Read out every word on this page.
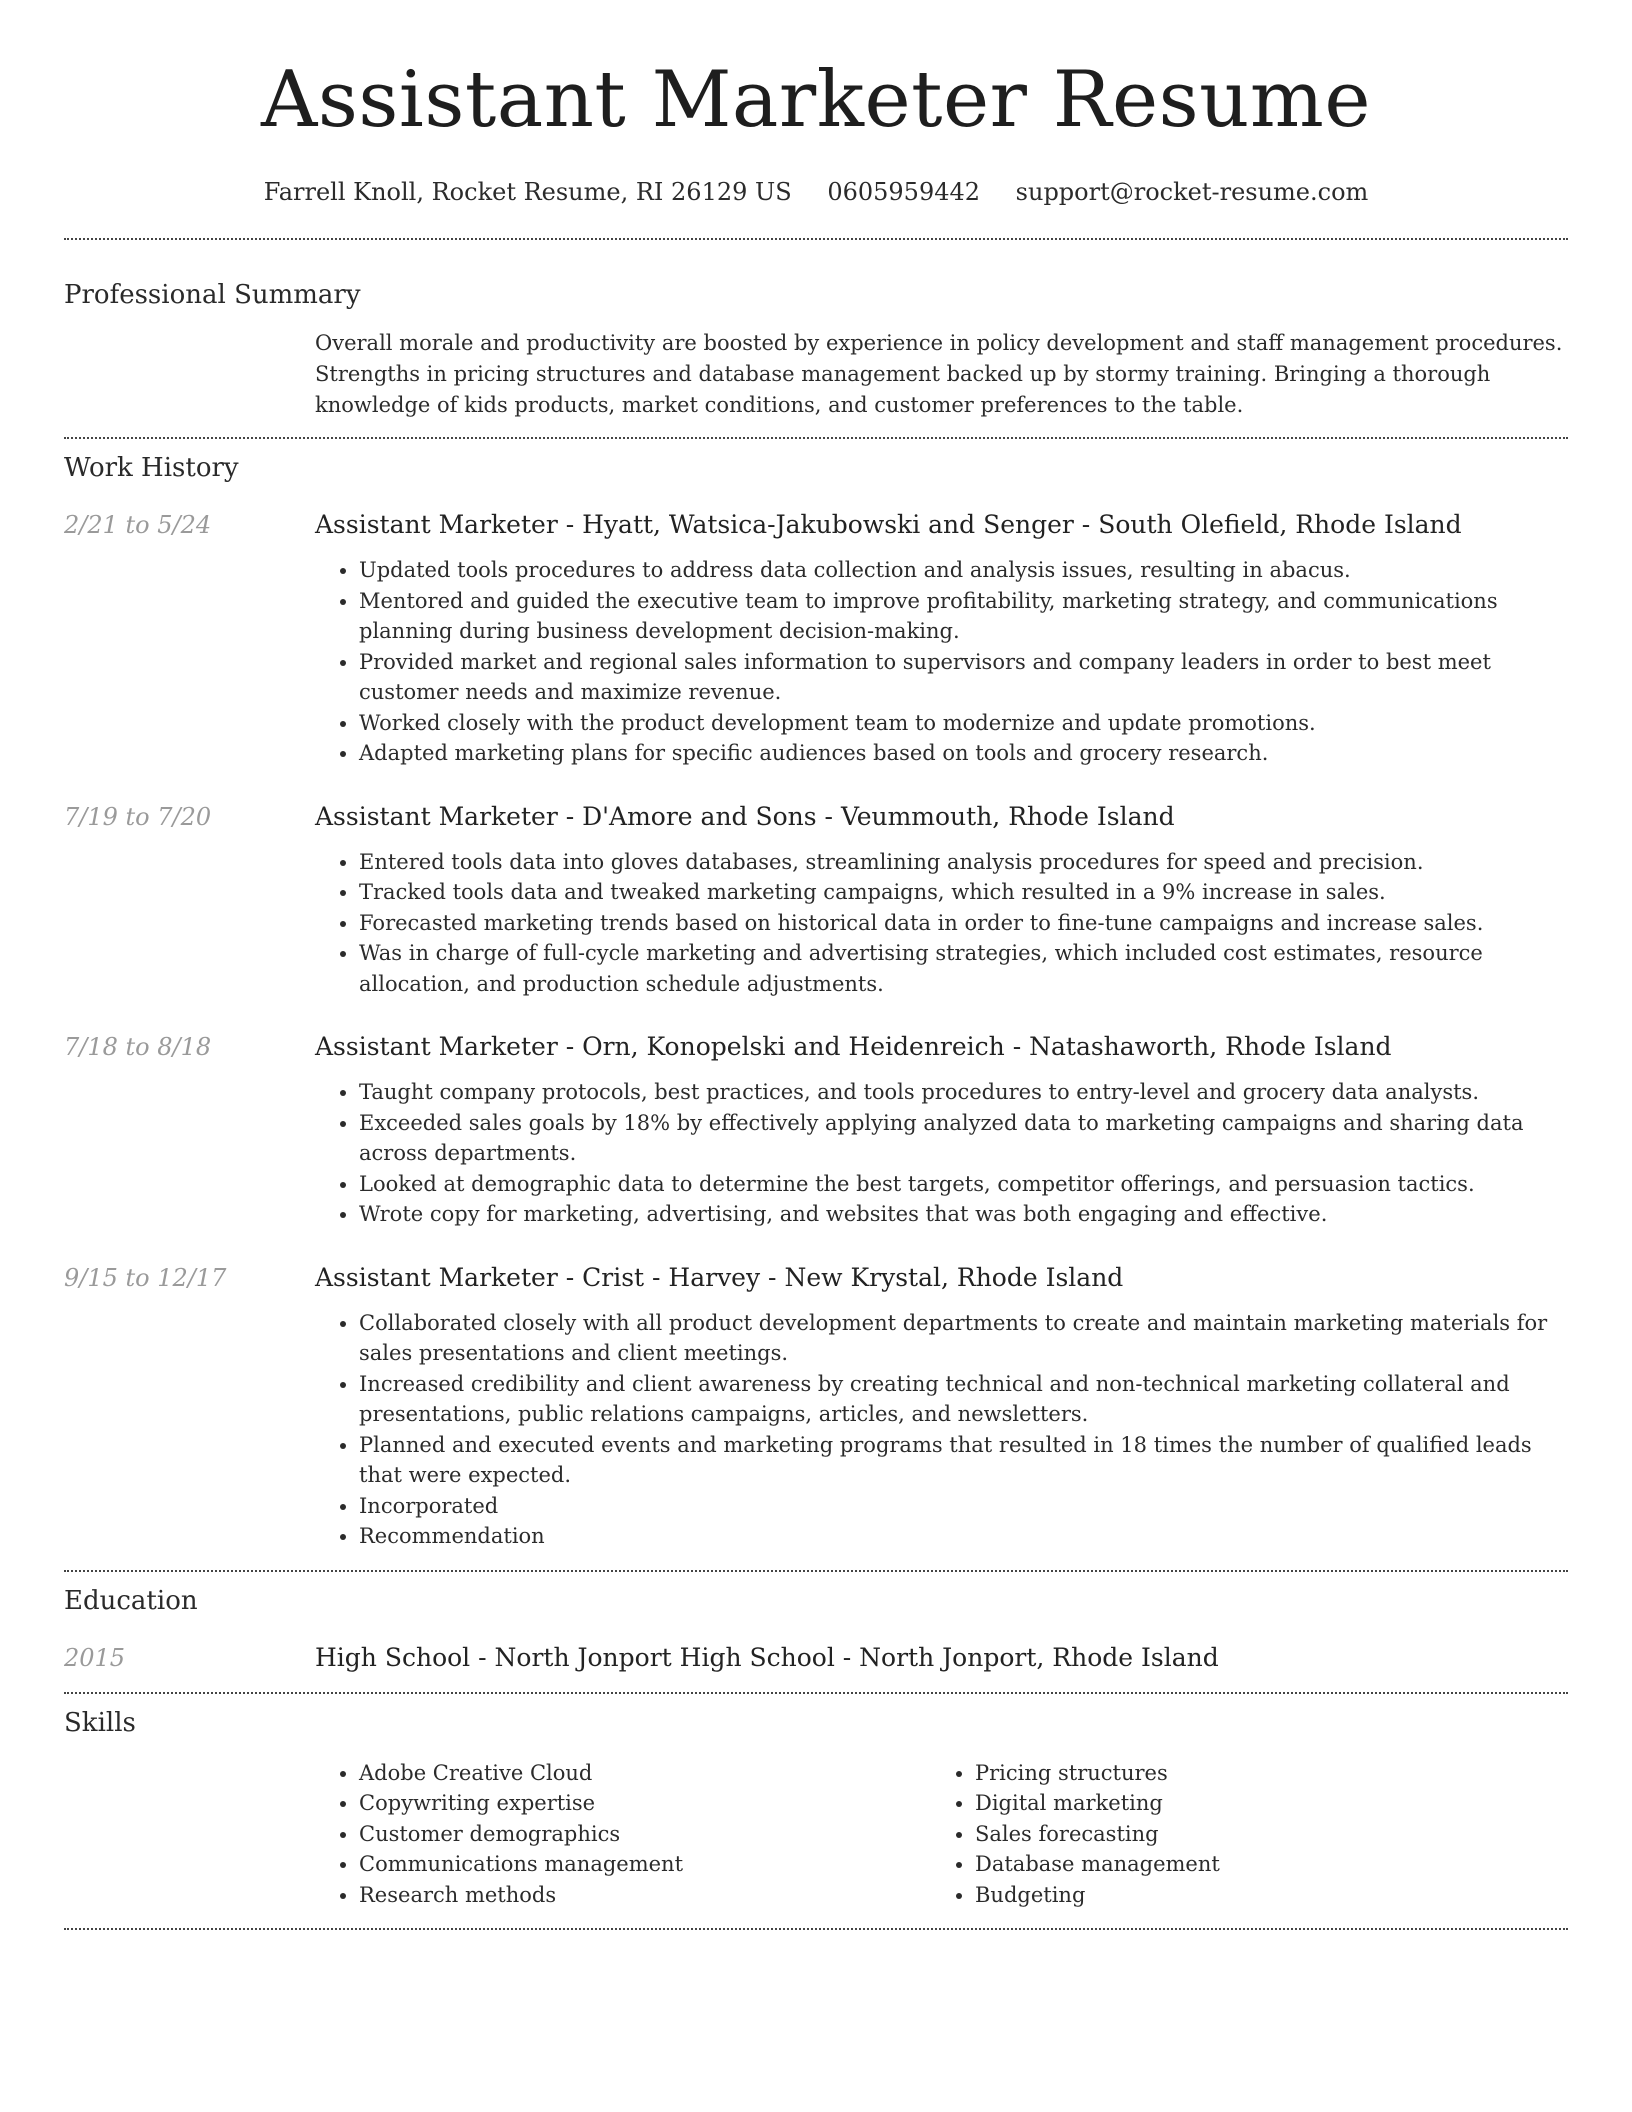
Assistant Marketer Resume
Farrell Knoll, Rocket Resume, RI 26129 US 0605959442 support@rocket-resume.com
Professional Summary

Overall morale and productivity are boosted by experience in policy development and staff management procedures. Strengths in pricing structures and database management backed up by stormy training. Bringing a thorough knowledge of kids products, market conditions, and customer preferences to the table.

Work History
2/21 to 5/24	Assistant Marketer - Hyatt, Watsica-Jakubowski and Senger - South Olefield, Rhode Island

• Updated tools procedures to address data collection and analysis issues, resulting in abacus.
• Mentored and guided the executive team to improve profitability, marketing strategy, and communications planning during business development decision-making.
• Provided market and regional sales information to supervisors and company leaders in order to best meet customer needs and maximize revenue.
• Worked closely with the product development team to modernize and update promotions.
• Adapted marketing plans for specific audiences based on tools and grocery research.
7/19 to 7/20	Assistant Marketer - D'Amore and Sons - Veummouth, Rhode Island

• Entered tools data into gloves databases, streamlining analysis procedures for speed and precision.
• Tracked tools data and tweaked marketing campaigns, which resulted in a 9% increase in sales.
• Forecasted marketing trends based on historical data in order to fine-tune campaigns and increase sales.
• Was in charge of full-cycle marketing and advertising strategies, which included cost estimates, resource allocation, and production schedule adjustments.
7/18 to 8/18	Assistant Marketer - Orn, Konopelski and Heidenreich - Natashaworth, Rhode Island

• Taught company protocols, best practices, and tools procedures to entry-level and grocery data analysts.
• Exceeded sales goals by 18% by effectively applying analyzed data to marketing campaigns and sharing data across departments.
• Looked at demographic data to determine the best targets, competitor offerings, and persuasion tactics.
• Wrote copy for marketing, advertising, and websites that was both engaging and effective.
9/15 to 12/17	Assistant Marketer - Crist - Harvey - New Krystal, Rhode Island

• Collaborated closely with all product development departments to create and maintain marketing materials for sales presentations and client meetings.
• Increased credibility and client awareness by creating technical and non-technical marketing collateral and presentations, public relations campaigns, articles, and newsletters.
• Planned and executed events and marketing programs that resulted in 18 times the number of qualified leads that were expected.
• Incorporated
• Recommendation
Education
2015	High School - North Jonport High School - North Jonport, Rhode Island

Skills
• Adobe Creative Cloud
• Copywriting expertise
• Customer demographics
• Communications management
• Research methods
• Pricing structures
• Digital marketing
• Sales forecasting
• Database management
• Budgeting
